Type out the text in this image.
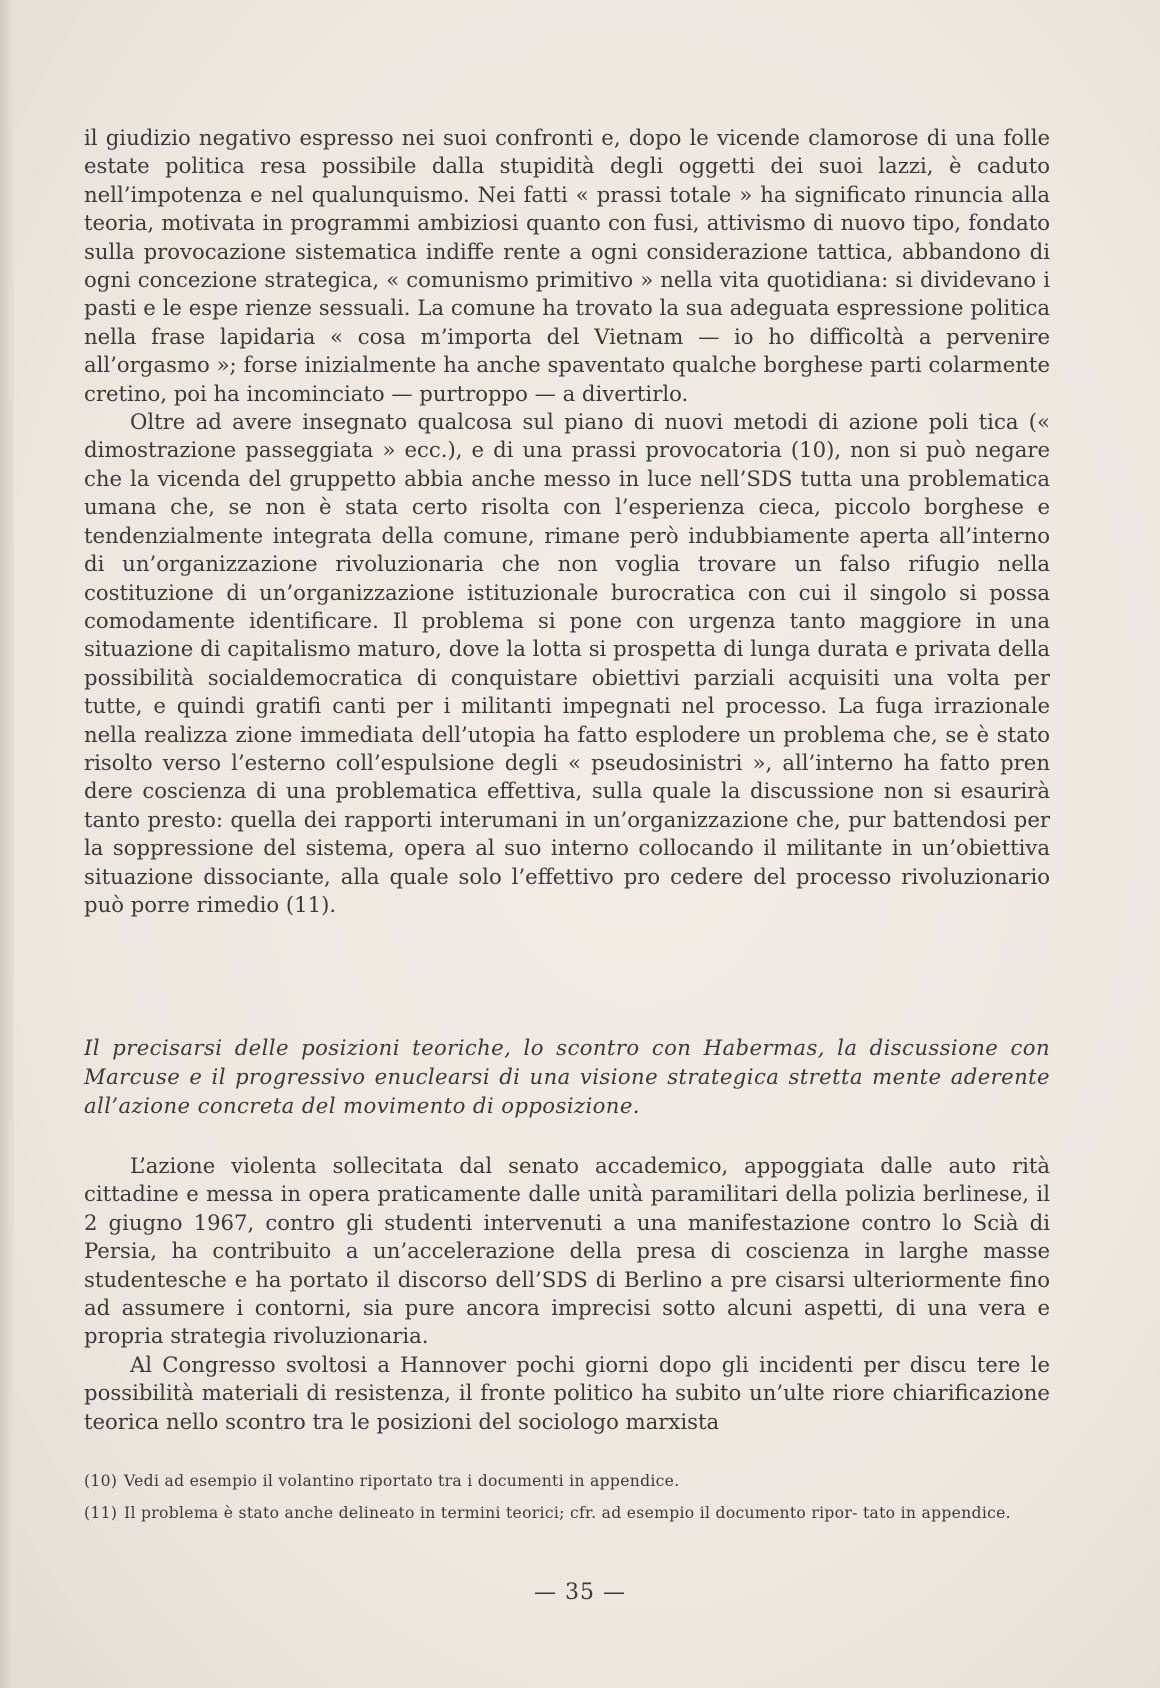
il giudizio negativo espresso nei suoi confronti e, dopo le vicende clamorose di una folle estate politica resa possibile dalla stupidità degli oggetti dei suoi lazzi, è caduto nell’impotenza e nel qualunquismo. Nei fatti « prassi totale » ha significato rinuncia alla teoria, motivata in programmi ambiziosi quanto con fusi, attivismo di nuovo tipo, fondato sulla provocazione sistematica indiffe rente a ogni considerazione tattica, abbandono di ogni concezione strategica, « comunismo primitivo » nella vita quotidiana: si dividevano i pasti e le espe rienze sessuali. La comune ha trovato la sua adeguata espressione politica nella frase lapidaria « cosa m’importa del Vietnam — io ho difficoltà a pervenire all’orgasmo »; forse inizialmente ha anche spaventato qualche borghese parti colarmente cretino, poi ha incominciato — purtroppo — a divertirlo.

Oltre ad avere insegnato qualcosa sul piano di nuovi metodi di azione poli tica (« dimostrazione passeggiata » ecc.), e di una prassi provocatoria (10), non si può negare che la vicenda del gruppetto abbia anche messo in luce nell’SDS tutta una problematica umana che, se non è stata certo risolta con l’esperienza cieca, piccolo borghese e tendenzialmente integrata della comune, rimane però indubbiamente aperta all’interno di un’organizzazione rivoluzionaria che non voglia trovare un falso rifugio nella costituzione di un’organizzazione istituzionale burocratica con cui il singolo si possa comodamente identificare. Il problema si pone con urgenza tanto maggiore in una situazione di capitalismo maturo, dove la lotta si prospetta di lunga durata e privata della possibilità socialdemocratica di conquistare obiettivi parziali acquisiti una volta per tutte, e quindi gratifi canti per i militanti impegnati nel processo. La fuga irrazionale nella realizza zione immediata dell’utopia ha fatto esplodere un problema che, se è stato risolto verso l’esterno coll’espulsione degli « pseudosinistri », all’interno ha fatto pren dere coscienza di una problematica effettiva, sulla quale la discussione non si esaurirà tanto presto: quella dei rapporti interumani in un’organizzazione che, pur battendosi per la soppressione del sistema, opera al suo interno collocando il militante in un’obiettiva situazione dissociante, alla quale solo l’effettivo pro cedere del processo rivoluzionario può porre rimedio (11).

Il precisarsi delle posizioni teoriche, lo scontro con Habermas, la discussione con Marcuse e il progressivo enuclearsi di una visione strategica stretta mente aderente all’azione concreta del movimento di opposizione.

L’azione violenta sollecitata dal senato accademico, appoggiata dalle auto rità cittadine e messa in opera praticamente dalle unità paramilitari della polizia berlinese, il 2 giugno 1967, contro gli studenti intervenuti a una manifestazione contro lo Scià di Persia, ha contribuito a un’accelerazione della presa di coscienza in larghe masse studentesche e ha portato il discorso dell’SDS di Berlino a pre cisarsi ulteriormente fino ad assumere i contorni, sia pure ancora imprecisi sotto alcuni aspetti, di una vera e propria strategia rivoluzionaria.

Al Congresso svoltosi a Hannover pochi giorni dopo gli incidenti per discu tere le possibilità materiali di resistenza, il fronte politico ha subito un’ulte riore chiarificazione teorica nello scontro tra le posizioni del sociologo marxista

(10) Vedi ad esempio il volantino riportato tra i documenti in appendice.
(11) Il problema è stato anche delineato in termini teorici; cfr. ad esempio il documento ripor- tato in appendice.
— 35 —
